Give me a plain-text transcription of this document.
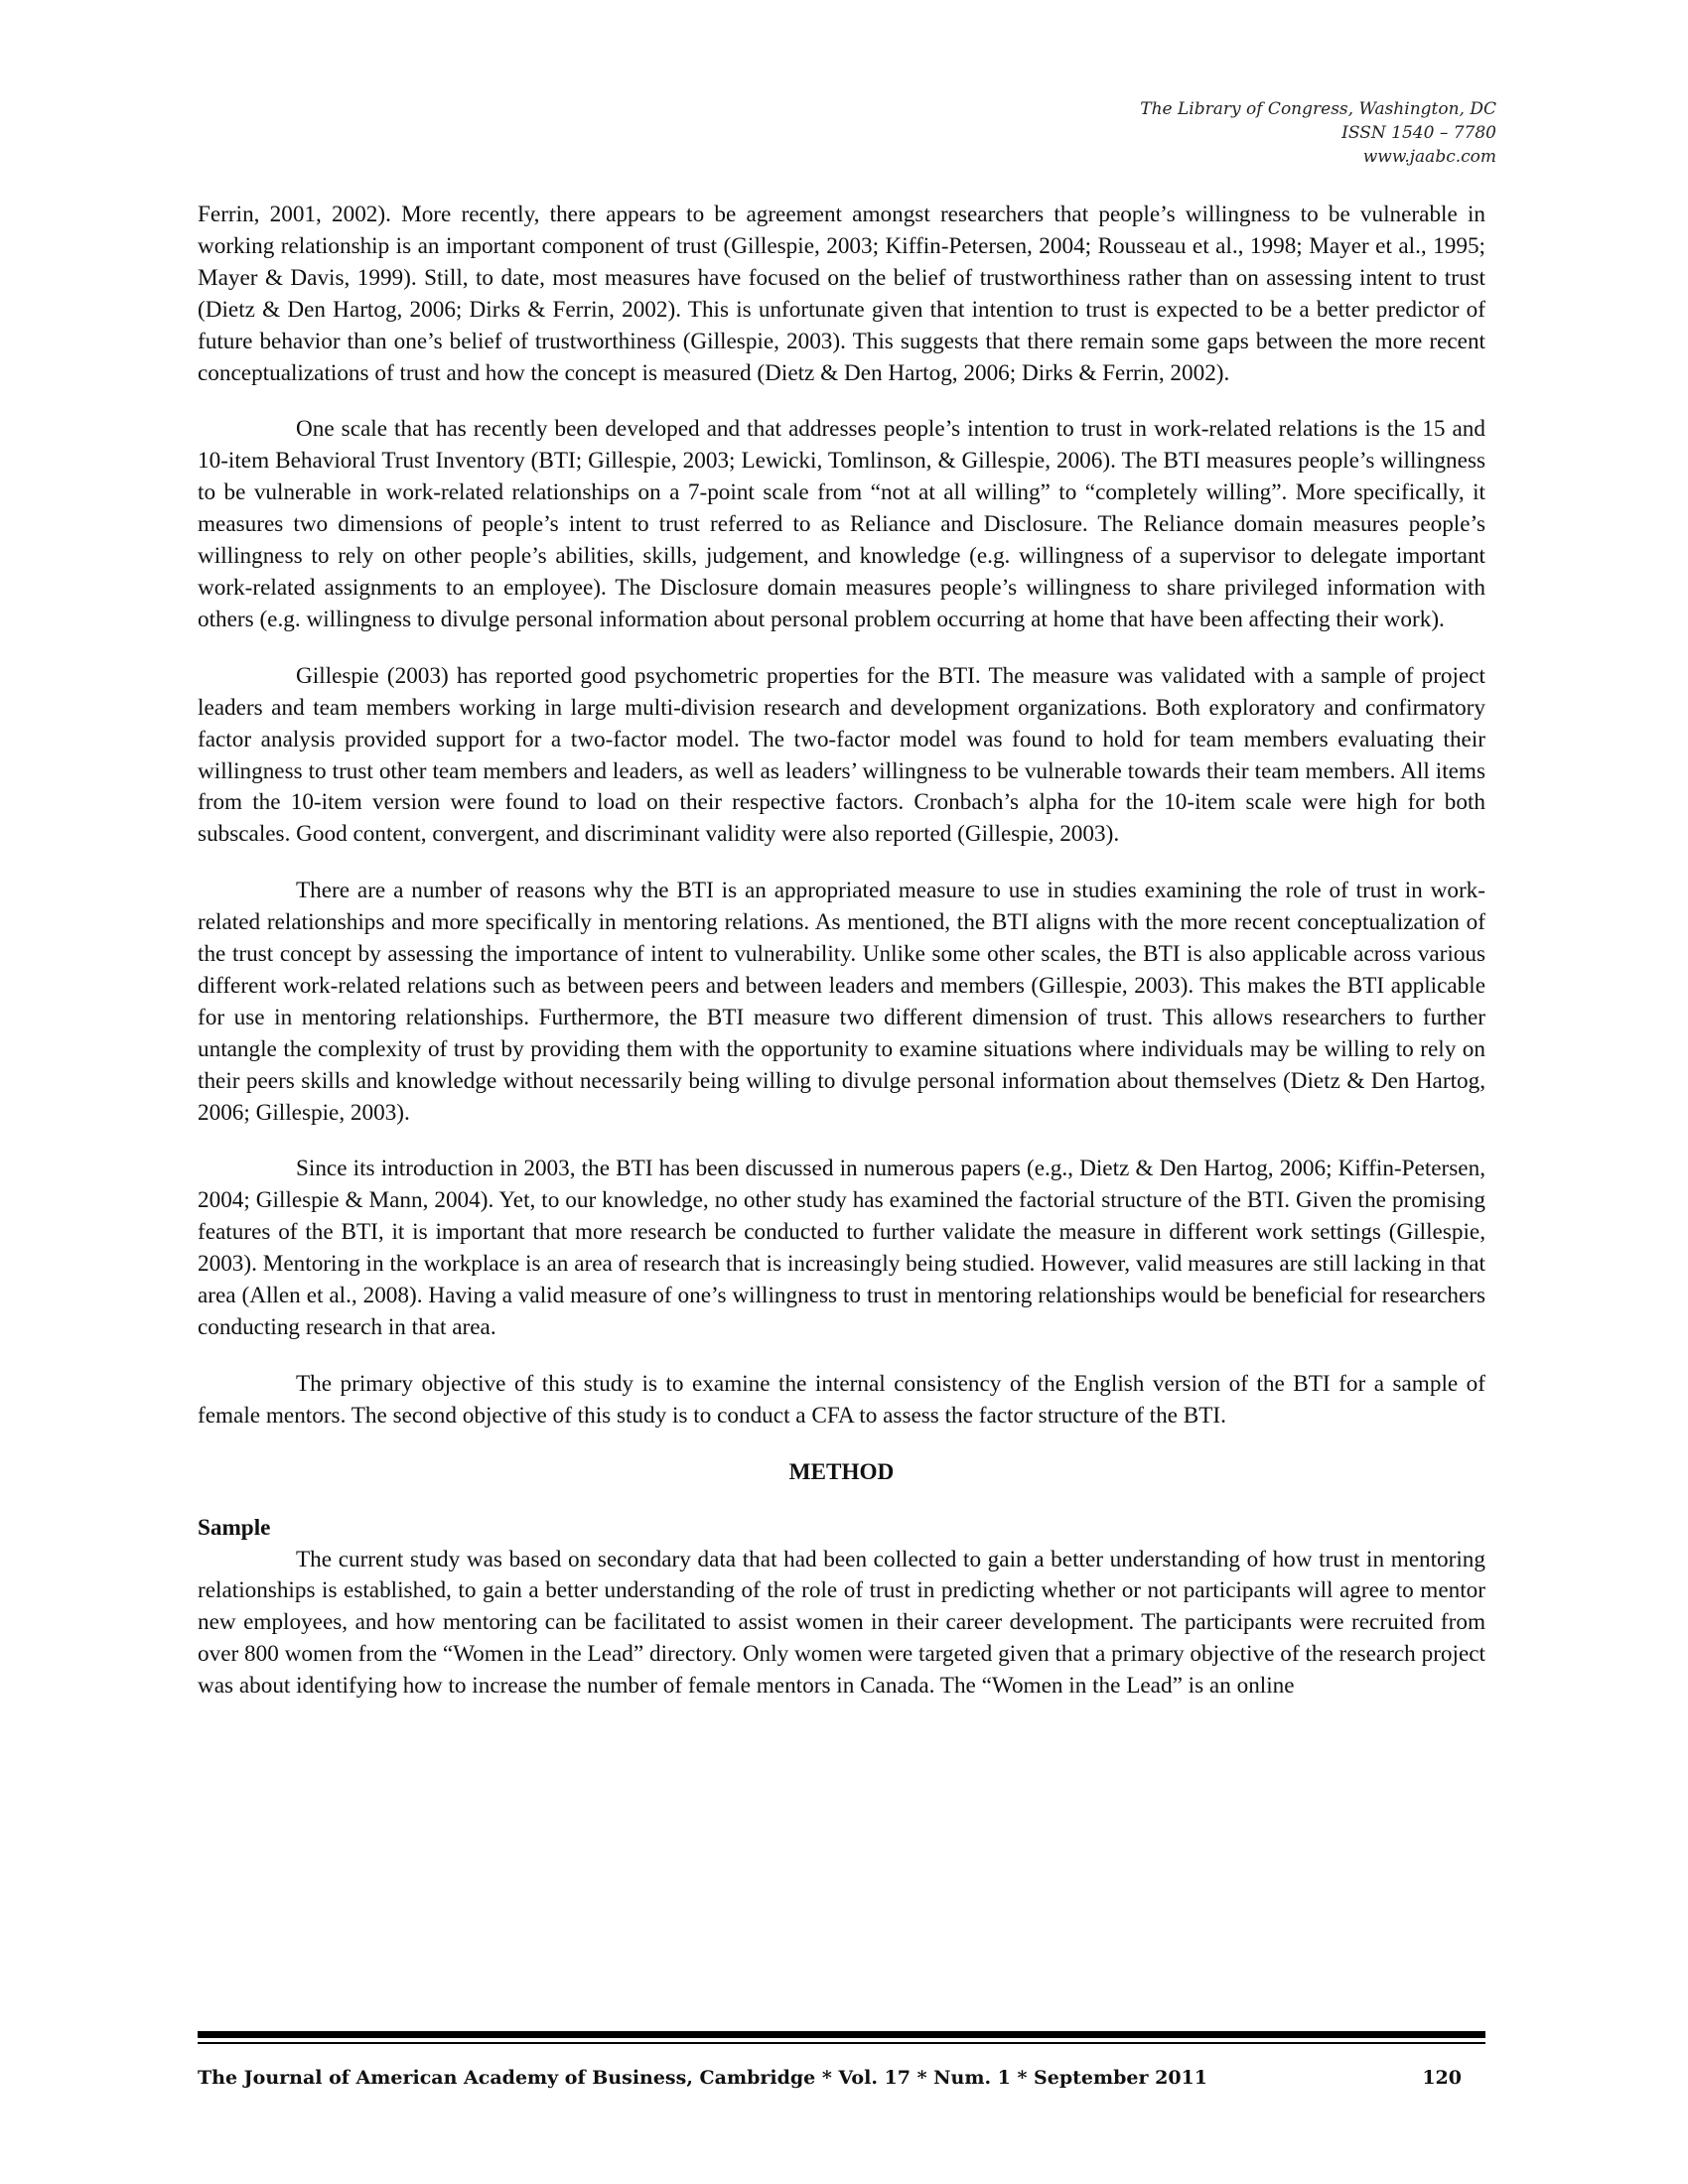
The Library of Congress, Washington, DC
ISSN 1540 – 7780
www.jaabc.com

Ferrin, 2001, 2002). More recently, there appears to be agreement amongst researchers that people’s willingness to be vulnerable in working relationship is an important component of trust (Gillespie, 2003; Kiffin-Petersen, 2004; Rousseau et al., 1998; Mayer et al., 1995; Mayer & Davis, 1999). Still, to date, most measures have focused on the belief of trustworthiness rather than on assessing intent to trust (Dietz & Den Hartog, 2006; Dirks & Ferrin, 2002). This is unfortunate given that intention to trust is expected to be a better predictor of future behavior than one’s belief of trustworthiness (Gillespie, 2003). This suggests that there remain some gaps between the more recent conceptualizations of trust and how the concept is measured (Dietz & Den Hartog, 2006; Dirks & Ferrin, 2002).

One scale that has recently been developed and that addresses people’s intention to trust in work-related relations is the 15 and 10-item Behavioral Trust Inventory (BTI; Gillespie, 2003; Lewicki, Tomlinson, & Gillespie, 2006). The BTI measures people’s willingness to be vulnerable in work-related relationships on a 7-point scale from “not at all willing” to “completely willing”. More specifically, it measures two dimensions of people’s intent to trust referred to as Reliance and Disclosure. The Reliance domain measures people’s willingness to rely on other people’s abilities, skills, judgement, and knowledge (e.g. willingness of a supervisor to delegate important work-related assignments to an employee). The Disclosure domain measures people’s willingness to share privileged information with others (e.g. willingness to divulge personal information about personal problem occurring at home that have been affecting their work).

Gillespie (2003) has reported good psychometric properties for the BTI. The measure was validated with a sample of project leaders and team members working in large multi-division research and development organizations. Both exploratory and confirmatory factor analysis provided support for a two-factor model. The two-factor model was found to hold for team members evaluating their willingness to trust other team members and leaders, as well as leaders’ willingness to be vulnerable towards their team members. All items from the 10-item version were found to load on their respective factors. Cronbach’s alpha for the 10-item scale were high for both subscales. Good content, convergent, and discriminant validity were also reported (Gillespie, 2003).

There are a number of reasons why the BTI is an appropriated measure to use in studies examining the role of trust in work-related relationships and more specifically in mentoring relations. As mentioned, the BTI aligns with the more recent conceptualization of the trust concept by assessing the importance of intent to vulnerability. Unlike some other scales, the BTI is also applicable across various different work-related relations such as between peers and between leaders and members (Gillespie, 2003). This makes the BTI applicable for use in mentoring relationships. Furthermore, the BTI measure two different dimension of trust. This allows researchers to further untangle the complexity of trust by providing them with the opportunity to examine situations where individuals may be willing to rely on their peers skills and knowledge without necessarily being willing to divulge personal information about themselves (Dietz & Den Hartog, 2006; Gillespie, 2003).

Since its introduction in 2003, the BTI has been discussed in numerous papers (e.g., Dietz & Den Hartog, 2006; Kiffin-Petersen, 2004; Gillespie & Mann, 2004). Yet, to our knowledge, no other study has examined the factorial structure of the BTI. Given the promising features of the BTI, it is important that more research be conducted to further validate the measure in different work settings (Gillespie, 2003). Mentoring in the workplace is an area of research that is increasingly being studied. However, valid measures are still lacking in that area (Allen et al., 2008). Having a valid measure of one’s willingness to trust in mentoring relationships would be beneficial for researchers conducting research in that area.

The primary objective of this study is to examine the internal consistency of the English version of the BTI for a sample of female mentors. The second objective of this study is to conduct a CFA to assess the factor structure of the BTI.

METHOD
Sample

The current study was based on secondary data that had been collected to gain a better understanding of how trust in mentoring relationships is established, to gain a better understanding of the role of trust in predicting whether or not participants will agree to mentor new employees, and how mentoring can be facilitated to assist women in their career development. The participants were recruited from over 800 women from the “Women in the Lead” directory. Only women were targeted given that a primary objective of the research project was about identifying how to increase the number of female mentors in Canada. The “Women in the Lead” is an online

The Journal of American Academy of Business, Cambridge * Vol. 17 * Num. 1 * September 2011	120
